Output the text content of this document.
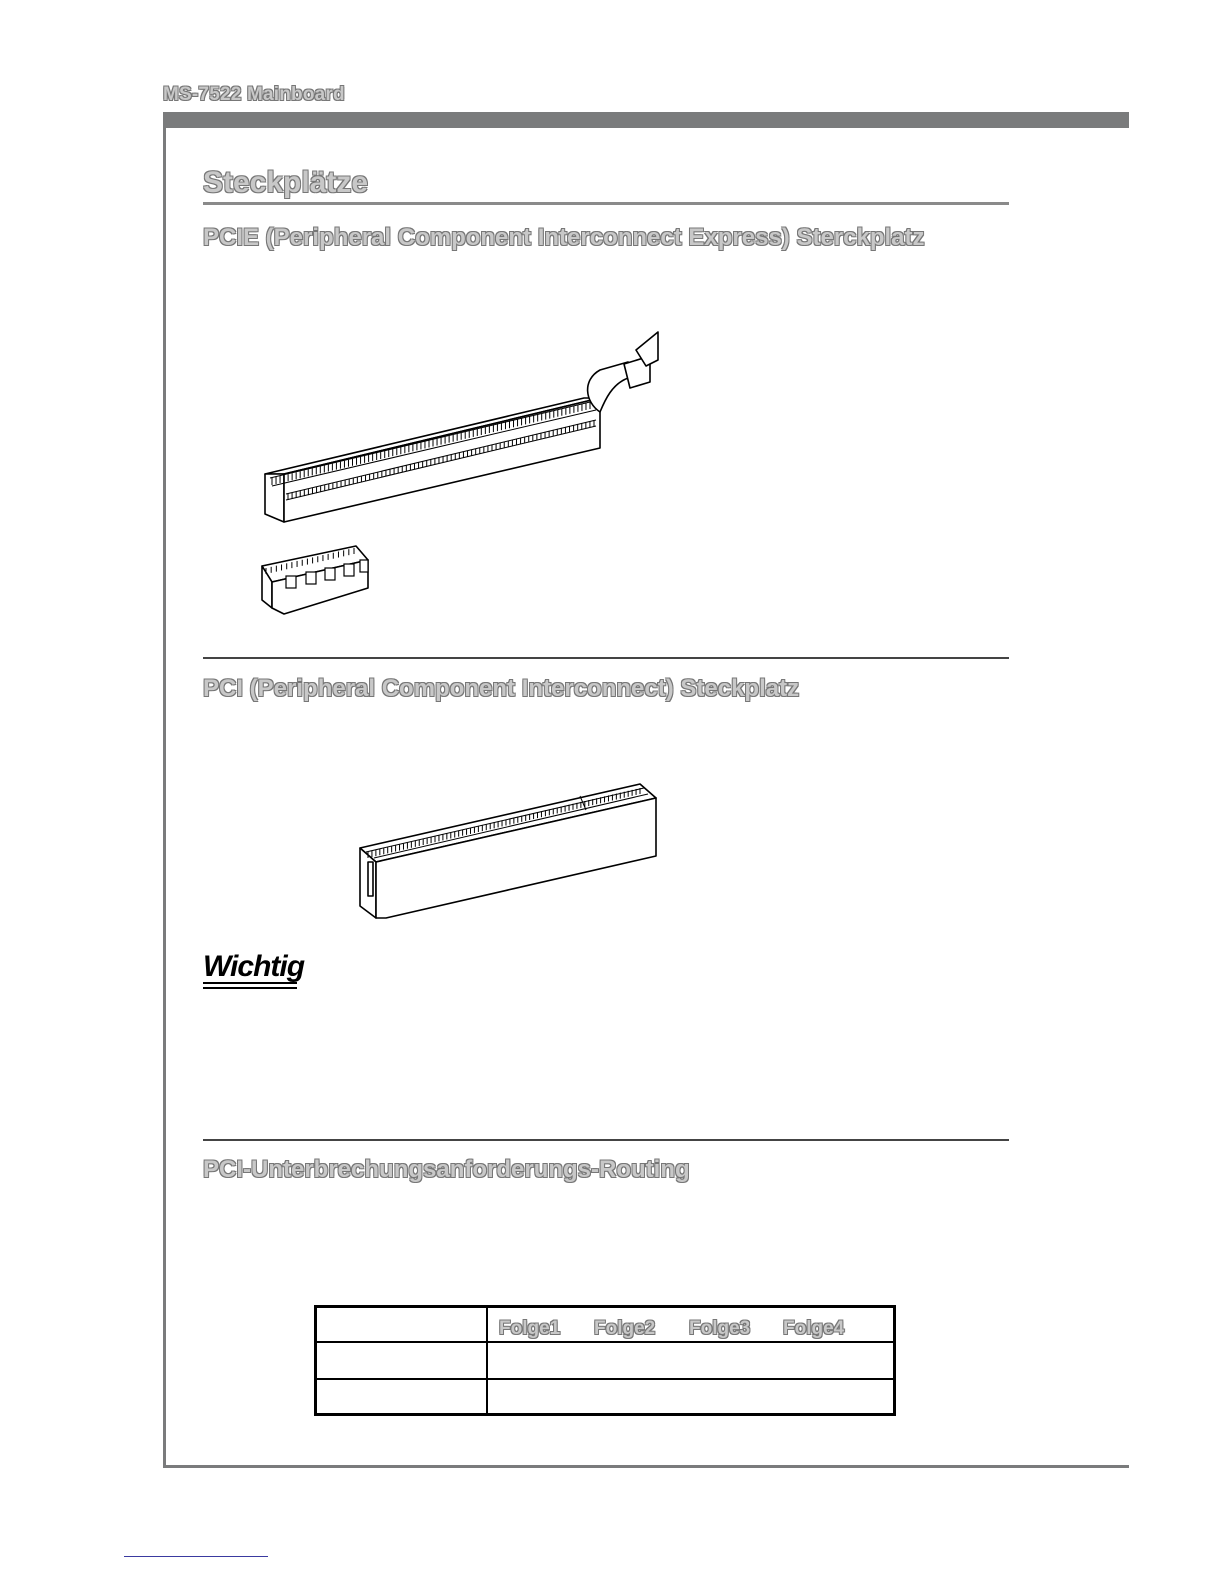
MS-7522 Mainboard
Steckplätze
PCIE (Peripheral Component Interconnect Express) Sterckplatz
PCI (Peripheral Component Interconnect) Steckplatz
Wichtig
PCI-Unterbrechungsanforderungs-Routing
Folge1 Folge2 Folge3 Folge4
